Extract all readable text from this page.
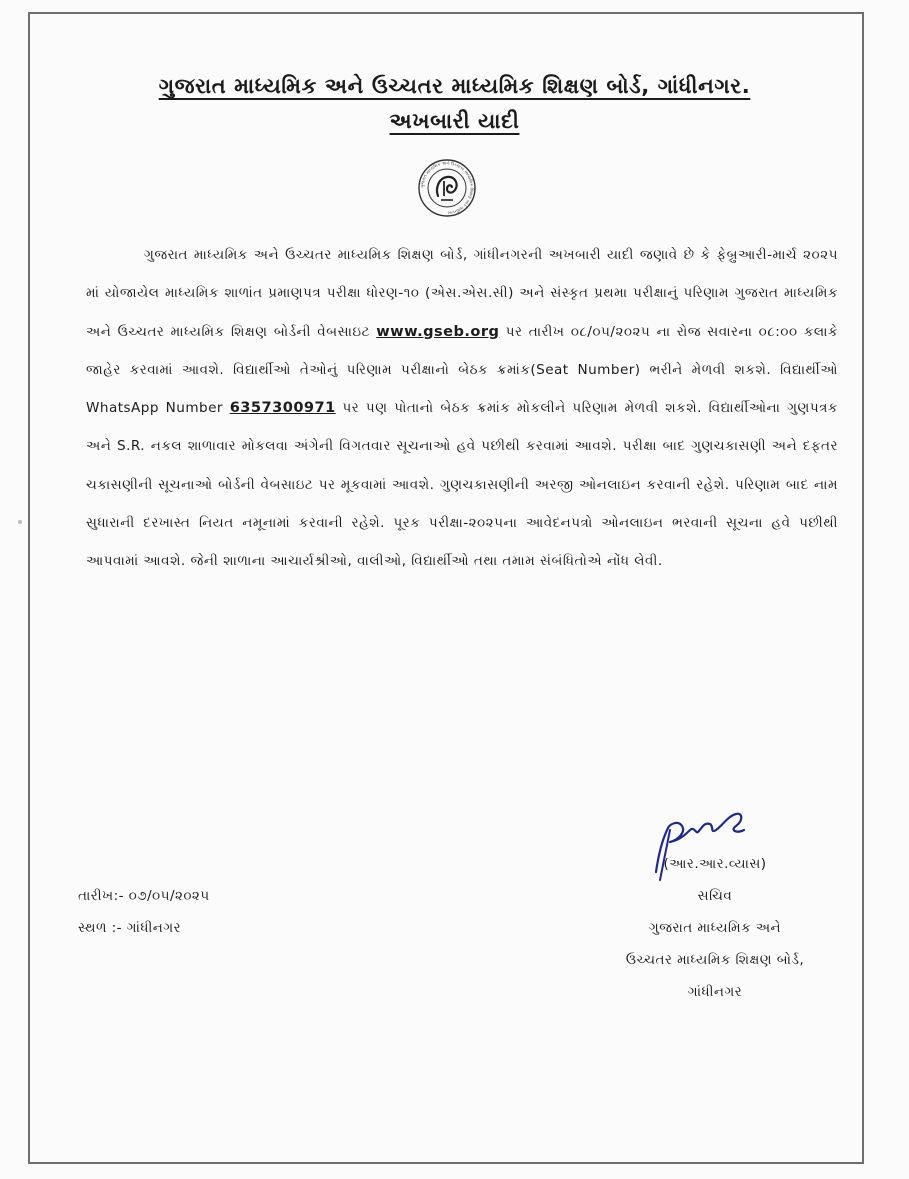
ગુજરાત માધ્યમિક અને ઉચ્ચતર માધ્યમિક શિક્ષણ બોર્ડ, ગાંધીનગર.
અખબારી યાદી
ગુજરાત માધ્યમિક અને ઉચ્ચતર માધ્યમિક શિક્ષણ બોર્ડ ગાંધીનગર

ગુજરાત માધ્યમિક અને ઉચ્ચતર માધ્યમિક શિક્ષણ બોર્ડ, ગાંધીનગરની અખબારી યાદી જણાવે છે કે ફેબ્રુઆરી-માર્ચ ૨૦૨૫ માં યોજાયેલ માધ્યમિક શાળાંત પ્રમાણપત્ર પરીક્ષા ધોરણ-૧૦ (એસ.એસ.સી) અને સંસ્કૃત પ્રથમા પરીક્ષાનું પરિણામ ગુજરાત માધ્યમિક અને ઉચ્ચતર માધ્યમિક શિક્ષણ બોર્ડની વેબસાઇટ www.gseb.org પર તારીખ ૦૮/૦૫/૨૦૨૫ ના રોજ સવારના ૦૮:૦૦ કલાકે જાહેર કરવામાં આવશે. વિદ્યાર્થીઓ તેઓનું પરિણામ પરીક્ષાનો બેઠક ક્રમાંક(Seat Number) ભરીને મેળવી શકશે. વિદ્યાર્થીઓ WhatsApp Number 6357300971 પર પણ પોતાનો બેઠક ક્રમાંક મોકલીને પરિણામ મેળવી શકશે. વિદ્યાર્થીઓના ગુણપત્રક અને S.R. નકલ શાળાવાર મોકલવા અંગેની વિગતવાર સૂચનાઓ હવે પછીથી કરવામાં આવશે. પરીક્ષા બાદ ગુણચકાસણી અને દફતર ચકાસણીની સૂચનાઓ બોર્ડની વેબસાઇટ પર મૂકવામાં આવશે. ગુણચકાસણીની અરજી ઓનલાઇન કરવાની રહેશે. પરિણામ બાદ નામ સુધારાની દરખાસ્ત નિયત નમૂનામાં કરવાની રહેશે. પૂરક પરીક્ષા-૨૦૨૫ના આવેદનપત્રો ઓનલાઇન ભરવાની સૂચના હવે પછીથી આપવામાં આવશે. જેની શાળાના આચાર્યશ્રીઓ, વાલીઓ, વિદ્યાર્થીઓ તથા તમામ સંબંધિતોએ નોંધ લેવી.

(આર.આર.વ્યાસ)
સચિવ
ગુજરાત માધ્યમિક અને
ઉચ્ચતર માધ્યમિક શિક્ષણ બોર્ડ,
ગાંધીનગર
તારીખ:- ૦૭/૦૫/૨૦૨૫
સ્થળ :- ગાંધીનગર
